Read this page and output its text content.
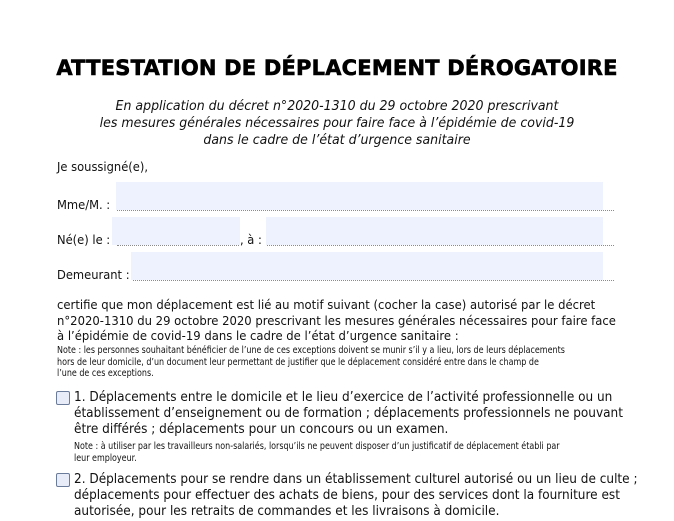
ATTESTATION DE DÉPLACEMENT DÉROGATOIRE
En application du décret n°2020-1310 du 29 octobre 2020 prescrivant
les mesures générales nécessaires pour faire face à l’épidémie de covid-19
dans le cadre de l’état d’urgence sanitaire
Je soussigné(e),
Mme/M. :
Né(e) le :	, à :
Demeurant :
certifie que mon déplacement est lié au motif suivant (cocher la case) autorisé par le décret
n°2020-1310 du 29 octobre 2020 prescrivant les mesures générales nécessaires pour faire face
à l’épidémie de covid-19 dans le cadre de l’état d’urgence sanitaire :
Note : les personnes souhaitant bénéficier de l’une de ces exceptions doivent se munir s’il y a lieu, lors de leurs déplacements
hors de leur domicile, d’un document leur permettant de justifier que le déplacement considéré entre dans le champ de
l’une de ces exceptions.
1. Déplacements entre le domicile et le lieu d’exercice de l’activité professionnelle ou un
établissement d’enseignement ou de formation ; déplacements professionnels ne pouvant
être différés ; déplacements pour un concours ou un examen.
Note : à utiliser par les travailleurs non-salariés, lorsqu’ils ne peuvent disposer d’un justificatif de déplacement établi par
leur employeur.
2. Déplacements pour se rendre dans un établissement culturel autorisé ou un lieu de culte ;
déplacements pour effectuer des achats de biens, pour des services dont la fourniture est
autorisée, pour les retraits de commandes et les livraisons à domicile.
